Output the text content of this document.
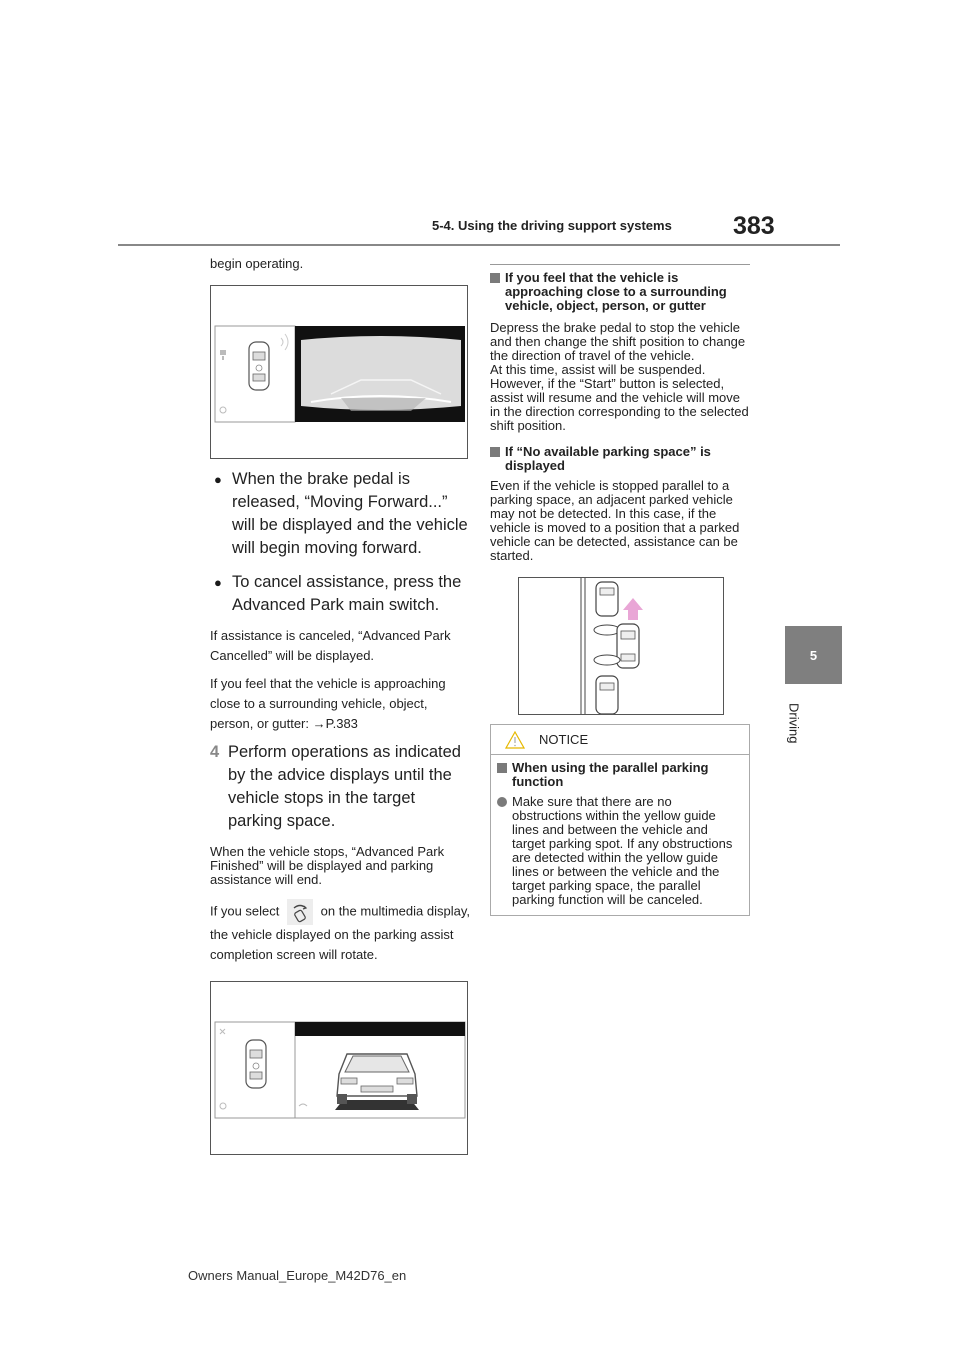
5-4. Using the driving support systems 383
5
Driving
begin operating.
● When the brake pedal is released, “Moving Forward...” will be displayed and the vehicle will begin moving forward.
● To cancel assistance, press the Advanced Park main switch.
If assistance is canceled, “Advanced Park Cancelled” will be displayed.
If you feel that the vehicle is approaching close to a surrounding vehicle, object, person, or gutter: →P.383
4 Perform operations as indicated by the advice displays until the vehicle stops in the target parking space.
When the vehicle stops, “Advanced Park Finished” will be displayed and parking assistance will end.
If you select	on the multimedia display, the vehicle displayed on the parking assist completion screen will rotate.
If you feel that the vehicle is approaching close to a surrounding vehicle, object, person, or gutter
Depress the brake pedal to stop the vehicle and then change the shift position to change the direction of travel of the vehicle.
At this time, assist will be suspended. However, if the “Start” button is selected, assist will resume and the vehicle will move in the direction corresponding to the selected shift position.
If “No available parking space” is displayed
Even if the vehicle is stopped parallel to a parking space, an adjacent parked vehicle may not be detected. In this case, if the vehicle is moved to a position that a parked vehicle can be detected, assistance can be started.
NOTICE
When using the parallel parking function
Make sure that there are no obstructions within the yellow guide lines and between the vehicle and target parking spot. If any obstructions are detected within the yellow guide lines or between the vehicle and the target parking space, the parallel parking function will be canceled.
Owners Manual_Europe_M42D76_en
